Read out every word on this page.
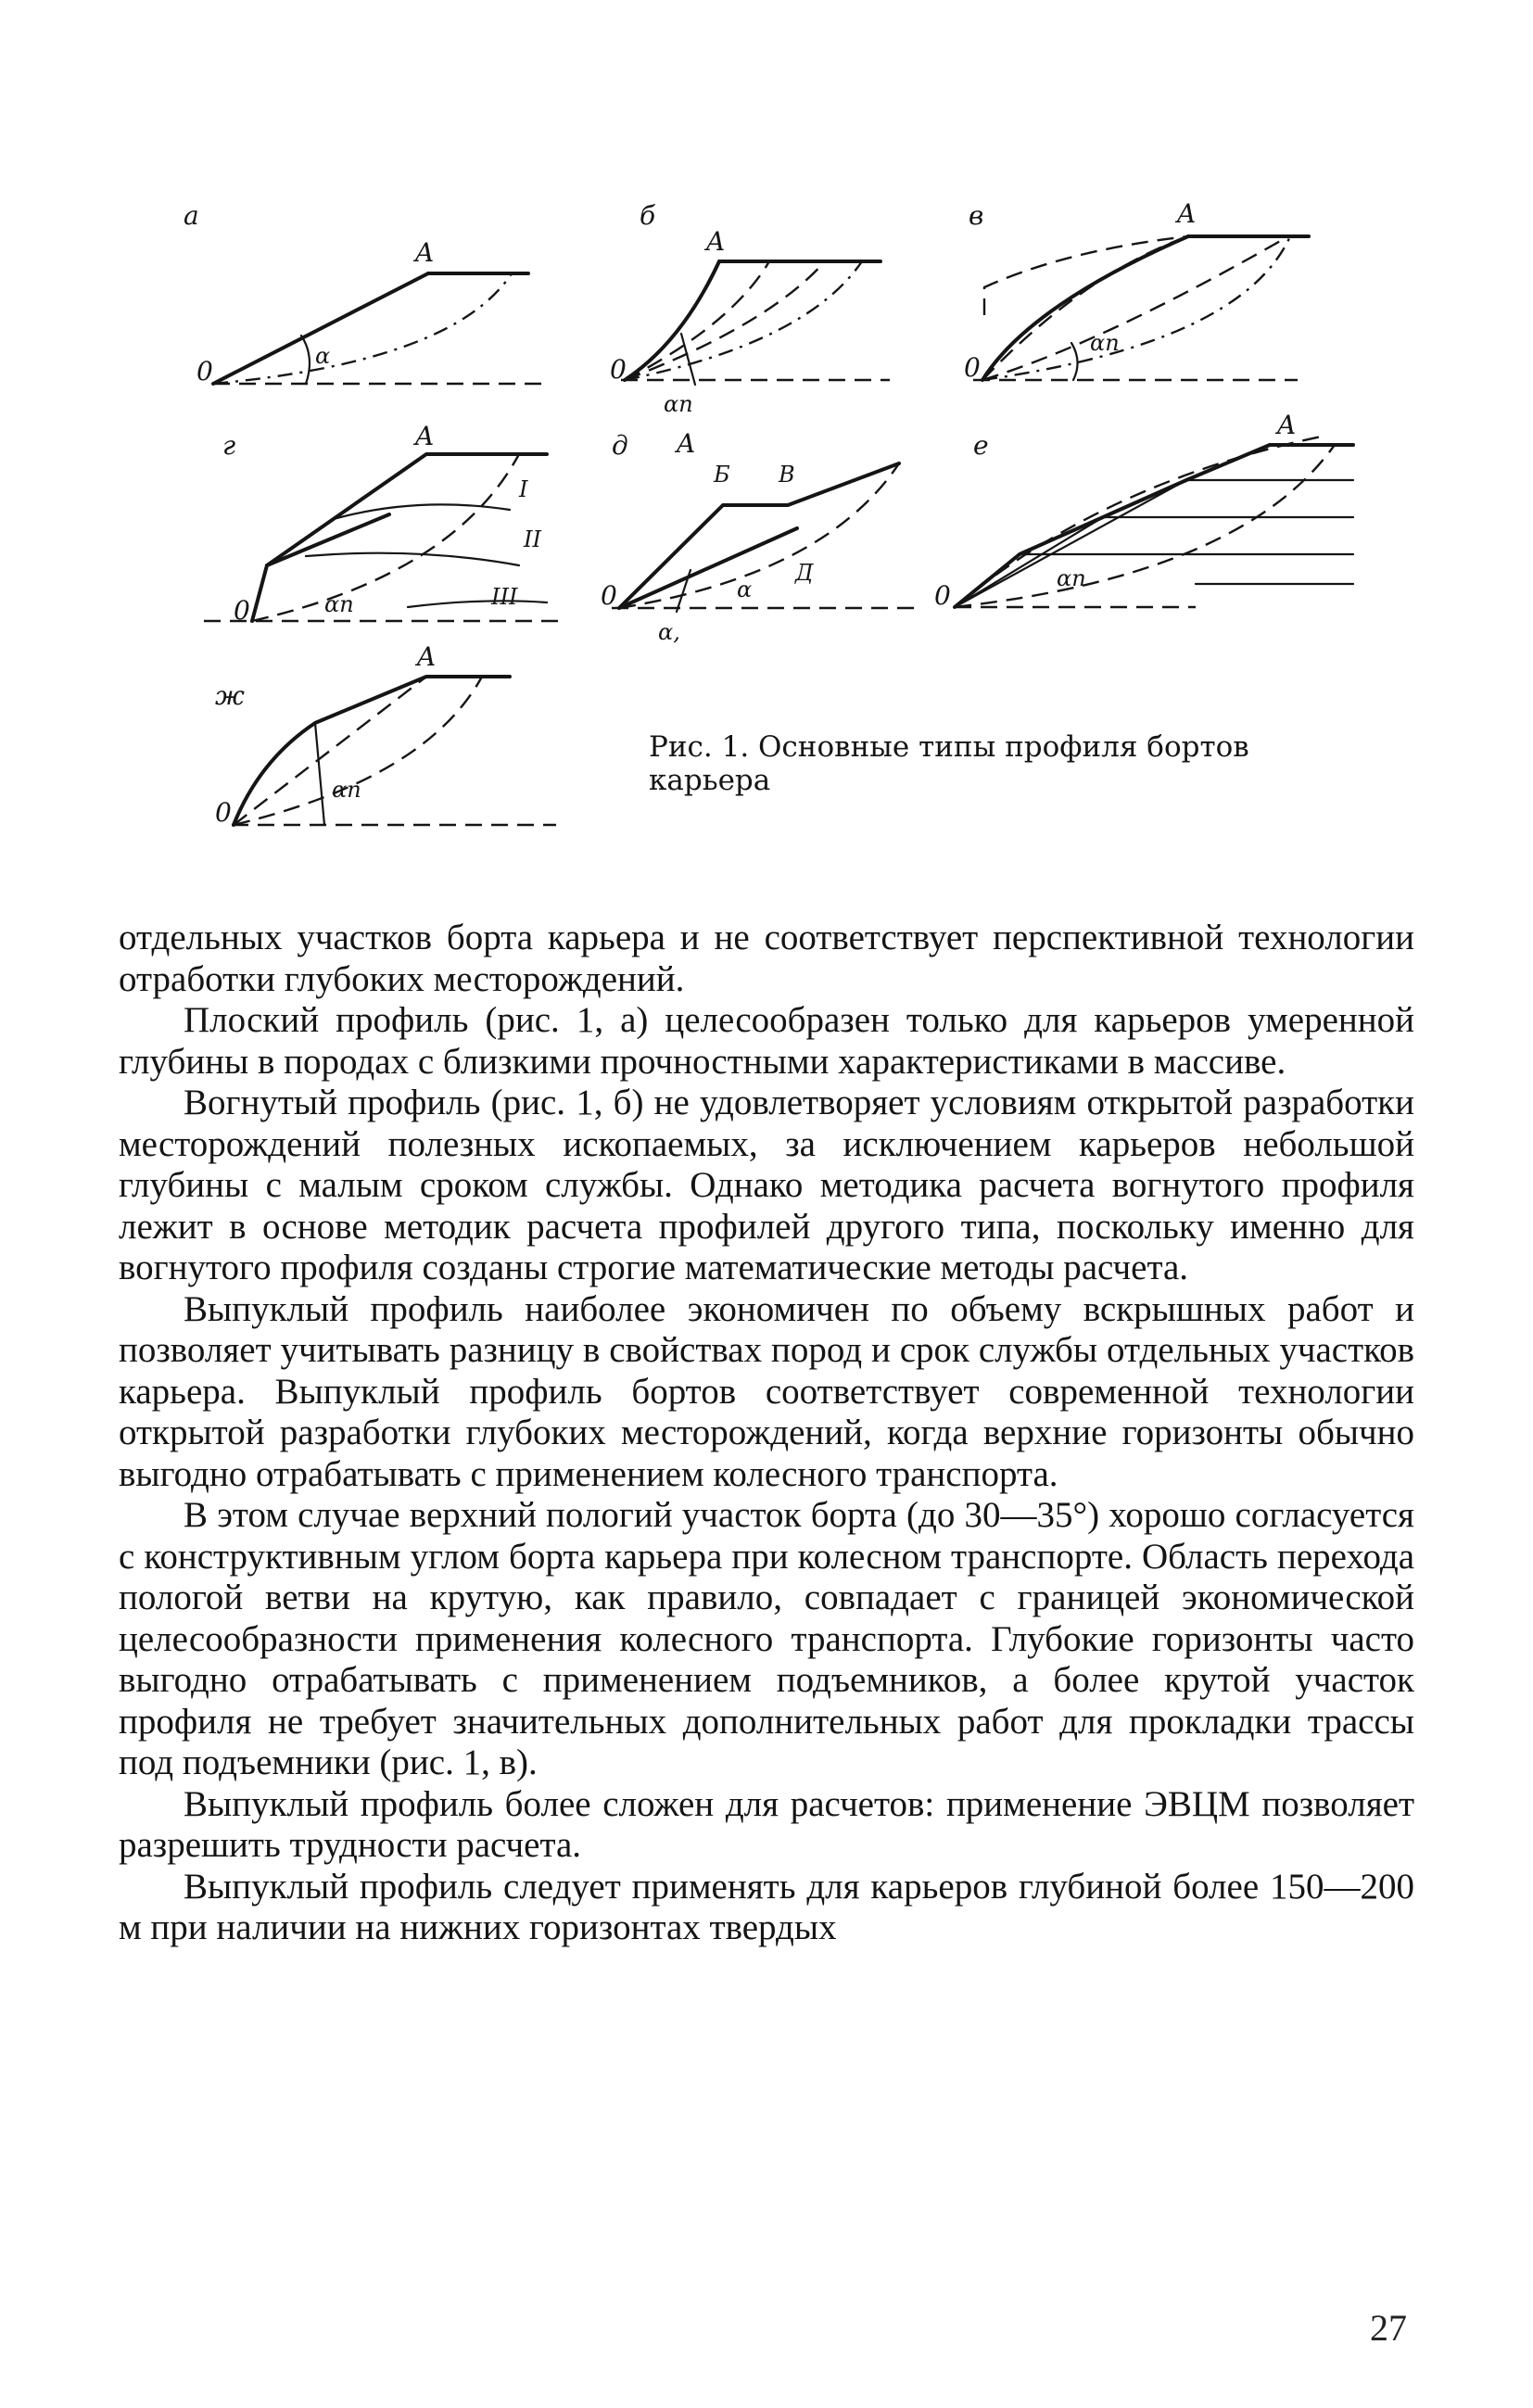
a
A
0	α
б
A
0
αп
в	A
0
αп
г	A
0
I
II
III
αп
д A
Б В
Д
0	α
α,
е
A
0
αп
ж
A
0
αп
Рис. 1. Основные типы профиля бортов карьера

отдельных участков борта карьера и не соответствует перспективной технологии отработки глубоких месторождений.

Плоский профиль (рис. 1, а) целесообразен только для карьеров умеренной глубины в породах с близкими прочностными характеристиками в массиве.

Вогнутый профиль (рис. 1, б) не удовлетворяет условиям открытой разработки месторождений полезных ископаемых, за исключением карьеров небольшой глубины с малым сроком службы. Однако методика расчета вогнутого профиля лежит в основе методик расчета профилей другого типа, поскольку именно для вогнутого профиля созданы строгие математические методы расчета.

Выпуклый профиль наиболее экономичен по объему вскрышных работ и позволяет учитывать разницу в свойствах пород и срок службы отдельных участков карьера. Выпуклый профиль бортов соответствует современной технологии открытой разработки глубоких месторождений, когда верхние горизонты обычно выгодно отрабатывать с применением колесного транспорта.

В этом случае верхний пологий участок борта (до 30—35°) хорошо согласуется с конструктивным углом борта карьера при колесном транспорте. Область перехода пологой ветви на крутую, как правило, совпадает с границей экономической целесообразности применения колесного транспорта. Глубокие горизонты часто выгодно отрабатывать с применением подъемников, а более крутой участок профиля не требует значительных дополнительных работ для прокладки трассы под подъемники (рис. 1, в).

Выпуклый профиль более сложен для расчетов: применение ЭВЦМ позволяет разрешить трудности расчета.

Выпуклый профиль следует применять для карьеров глубиной более 150—200 м при наличии на нижних горизонтах твердых

27
